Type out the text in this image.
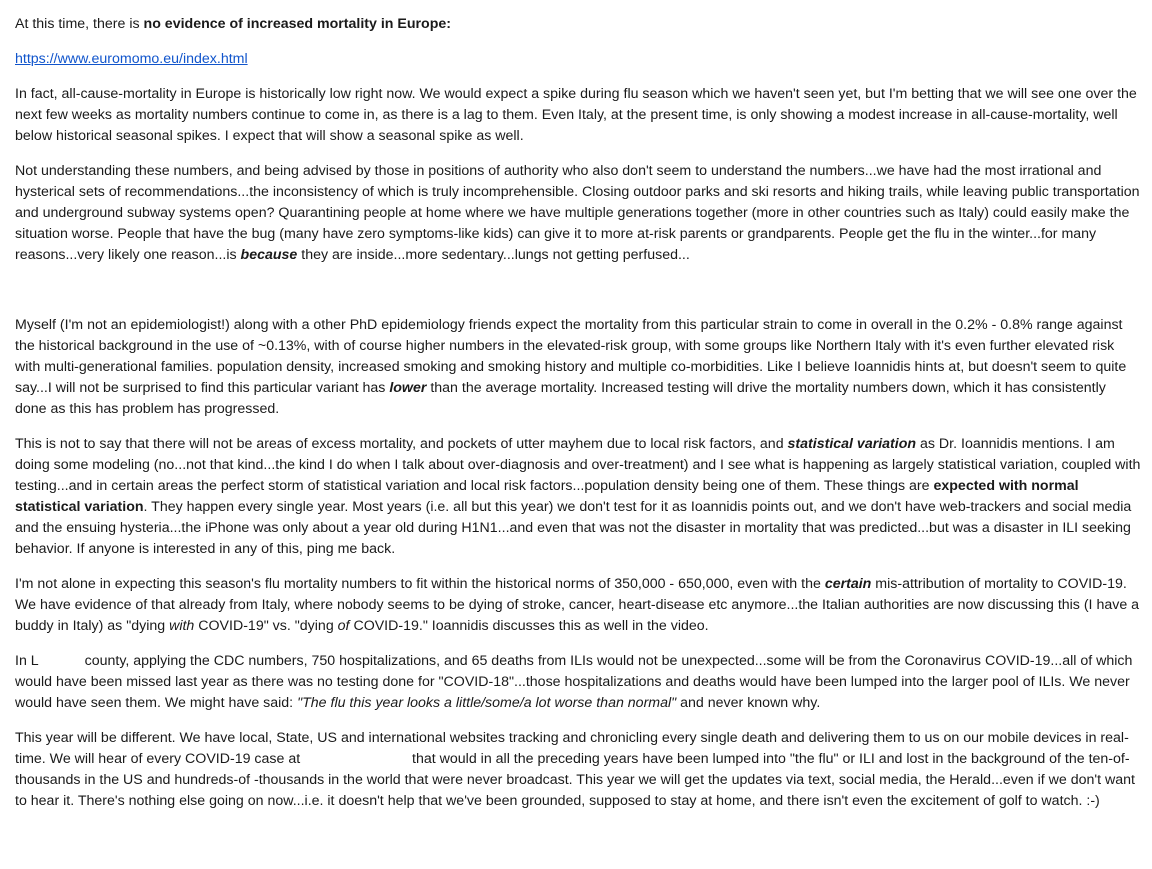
At this time, there is no evidence of increased mortality in Europe:

https://www.euromomo.eu/index.html

In fact, all-cause-mortality in Europe is historically low right now. We would expect a spike during flu season which we haven't seen yet, but I'm betting that we will see one over the next few weeks as mortality numbers continue to come in, as there is a lag to them. Even Italy, at the present time, is only showing a modest increase in all-cause-mortality, well below historical seasonal spikes. I expect that will show a seasonal spike as well.

Not understanding these numbers, and being advised by those in positions of authority who also don't seem to understand the numbers...we have had the most irrational and hysterical sets of recommendations...the inconsistency of which is truly incomprehensible. Closing outdoor parks and ski resorts and hiking trails, while leaving public transportation and underground subway systems open? Quarantining people at home where we have multiple generations together (more in other countries such as Italy) could easily make the situation worse. People that have the bug (many have zero symptoms-like kids) can give it to more at-risk parents or grandparents. People get the flu in the winter...for many reasons...very likely one reason...is because they are inside...more sedentary...lungs not getting perfused...

Myself (I'm not an epidemiologist!) along with a other PhD epidemiology friends expect the mortality from this particular strain to come in overall in the 0.2% - 0.8% range against the historical background in the use of ~0.13%, with of course higher numbers in the elevated-risk group, with some groups like Northern Italy with it's even further elevated risk with multi-generational families. population density, increased smoking and smoking history and multiple co-morbidities. Like I believe Ioannidis hints at, but doesn't seem to quite say...I will not be surprised to find this particular variant has lower than the average mortality. Increased testing will drive the mortality numbers down, which it has consistently done as this has problem has progressed.

This is not to say that there will not be areas of excess mortality, and pockets of utter mayhem due to local risk factors, and statistical variation as Dr. Ioannidis mentions. I am doing some modeling (no...not that kind...the kind I do when I talk about over-diagnosis and over-treatment) and I see what is happening as largely statistical variation, coupled with testing...and in certain areas the perfect storm of statistical variation and local risk factors...population density being one of them. These things are expected with normal statistical variation. They happen every single year. Most years (i.e. all but this year) we don't test for it as Ioannidis points out, and we don't have web-trackers and social media and the ensuing hysteria...the iPhone was only about a year old during H1N1...and even that was not the disaster in mortality that was predicted...but was a disaster in ILI seeking behavior. If anyone is interested in any of this, ping me back.

I'm not alone in expecting this season's flu mortality numbers to fit within the historical norms of 350,000 - 650,000, even with the certain mis-attribution of mortality to COVID-19. We have evidence of that already from Italy, where nobody seems to be dying of stroke, cancer, heart-disease etc anymore...the Italian authorities are now discussing this (I have a buddy in Italy) as "dying with COVID-19" vs. "dying of COVID-19." Ioannidis discusses this as well in the video.

In L	county, applying the CDC numbers, 750 hospitalizations, and 65 deaths from ILIs would not be unexpected...some will be from the Coronavirus COVID-19...all of which would have been missed last year as there was no testing done for "COVID-18"...those hospitalizations and deaths would have been lumped into the larger pool of ILIs. We never would have seen them. We might have said: "The flu this year looks a little/some/a lot worse than normal" and never known why.

This year will be different. We have local, State, US and international websites tracking and chronicling every single death and delivering them to us on our mobile devices in real-time. We will hear of every COVID-19 case at	that would in all the preceding years have been lumped into "the flu" or ILI and lost in the background of the ten-of-thousands in the US and hundreds-of -thousands in the world that were never broadcast. This year we will get the updates via text, social media, the Herald...even if we don't want to hear it. There's nothing else going on now...i.e. it doesn't help that we've been grounded, supposed to stay at home, and there isn't even the excitement of golf to watch. :-)
